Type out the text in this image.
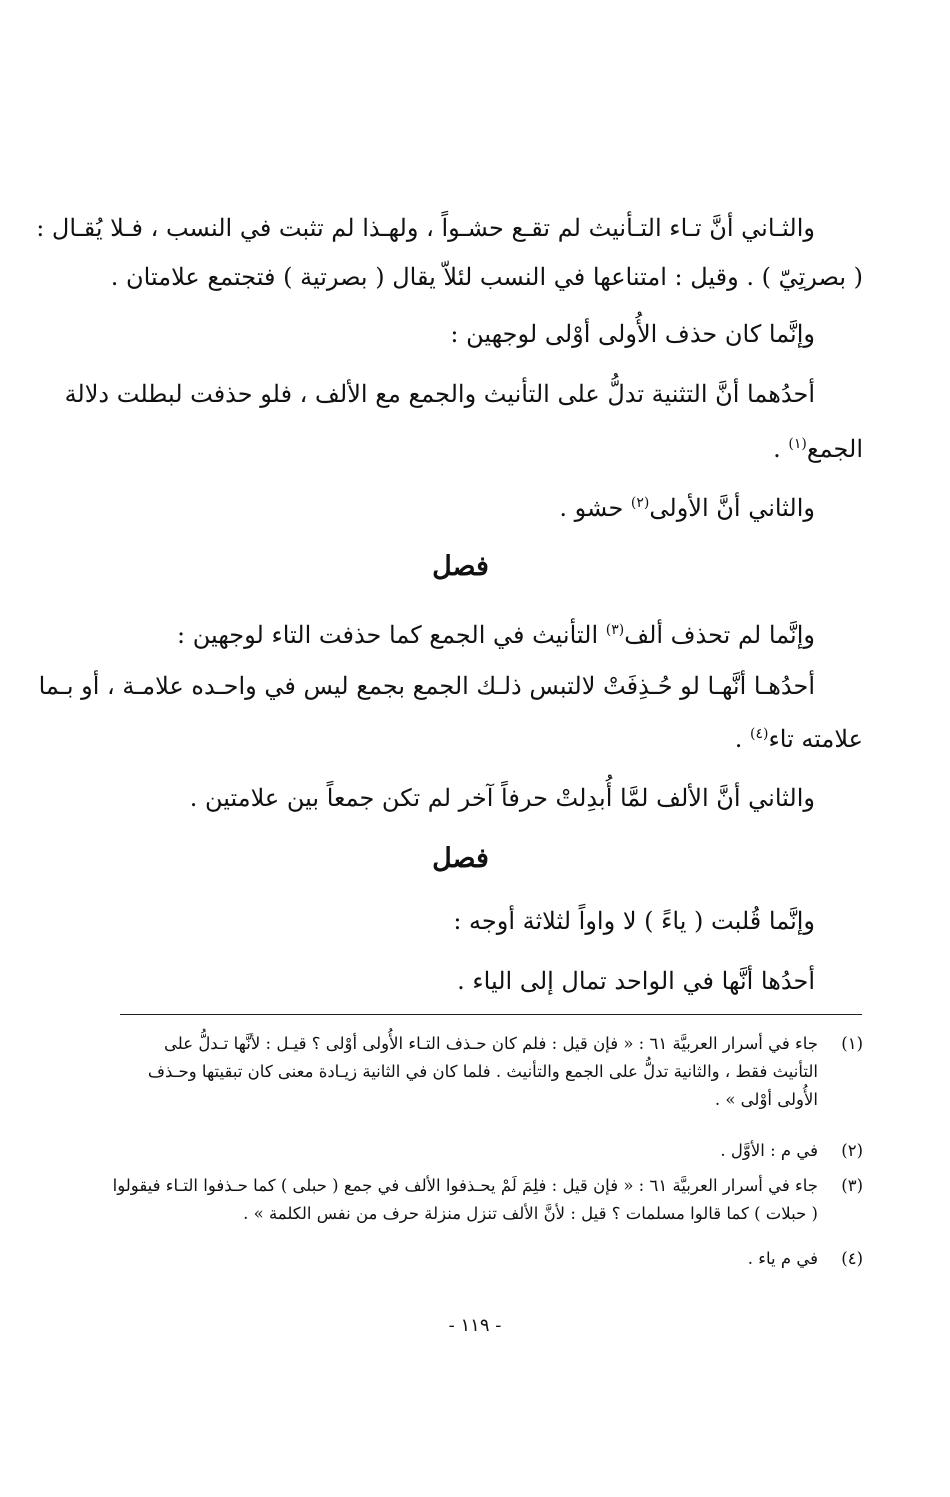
والثـاني أنَّ تـاء التـأنيث لم تقـع حشـواً ، ولهـذا لم تثبت في النسب ، فـلا يُقـال :
( بصرتِيّ ) . وقيل : امتناعها في النسب لئلاّ يقال ( بصرتية ) فتجتمع علامتان .
وإنَّما كان حذف الأُولى أوْلى لوجهين :
أحدُهما أنَّ التثنية تدلُّ على التأنيث والجمع مع الألف ، فلو حذفت لبطلت دلالة
الجمع$^{(١)}$ .
والثاني أنَّ الأولى$^{(٢)}$ حشو .
فصل
وإنَّما لم تحذف ألف$^{(٣)}$ التأنيث في الجمع كما حذفت التاء لوجهين :
أحدُهـا أنَّهـا لو حُـذِفَتْ لالتبس ذلـك الجمع بجمع ليس في واحـده علامـة ، أو بـما
علامته تاء$^{(٤)}$ .
والثاني أنَّ الألف لمَّا أُبدِلتْ حرفاً آخر لم تكن جمعاً بين علامتين .
فصل
وإنَّما قُلبت ( ياءً ) لا واواً لثلاثة أوجه :
أحدُها أنَّها في الواحد تمال إلى الياء .
(١)
جاء في أسرار العربيَّة ٦١ : « فإن قيل : فلم كان حـذف التـاء الأُولى أوْلى ؟ قيـل : لأنَّها تـدلُّ على
التأنيث فقط ، والثانية تدلُّ على الجمع والتأنيث . فلما كان في الثانية زيـادة معنى كان تبقيتها وحـذف
الأُولى أوْلى » .
(٢)
في م : الأوَّل .
(٣)
جاء في أسرار العربيَّة ٦١ : « فإن قيل : فلِمَ لَمْ يحـذفوا الألف في جمع ( حبلى ) كما حـذفوا التـاء فيقولوا
( حبلات ) كما قالوا مسلمات ؟ قيل : لأنَّ الألف تنزل منزلة حرف من نفس الكلمة » .
(٤)
في م ياء .
- ١١٩ -
